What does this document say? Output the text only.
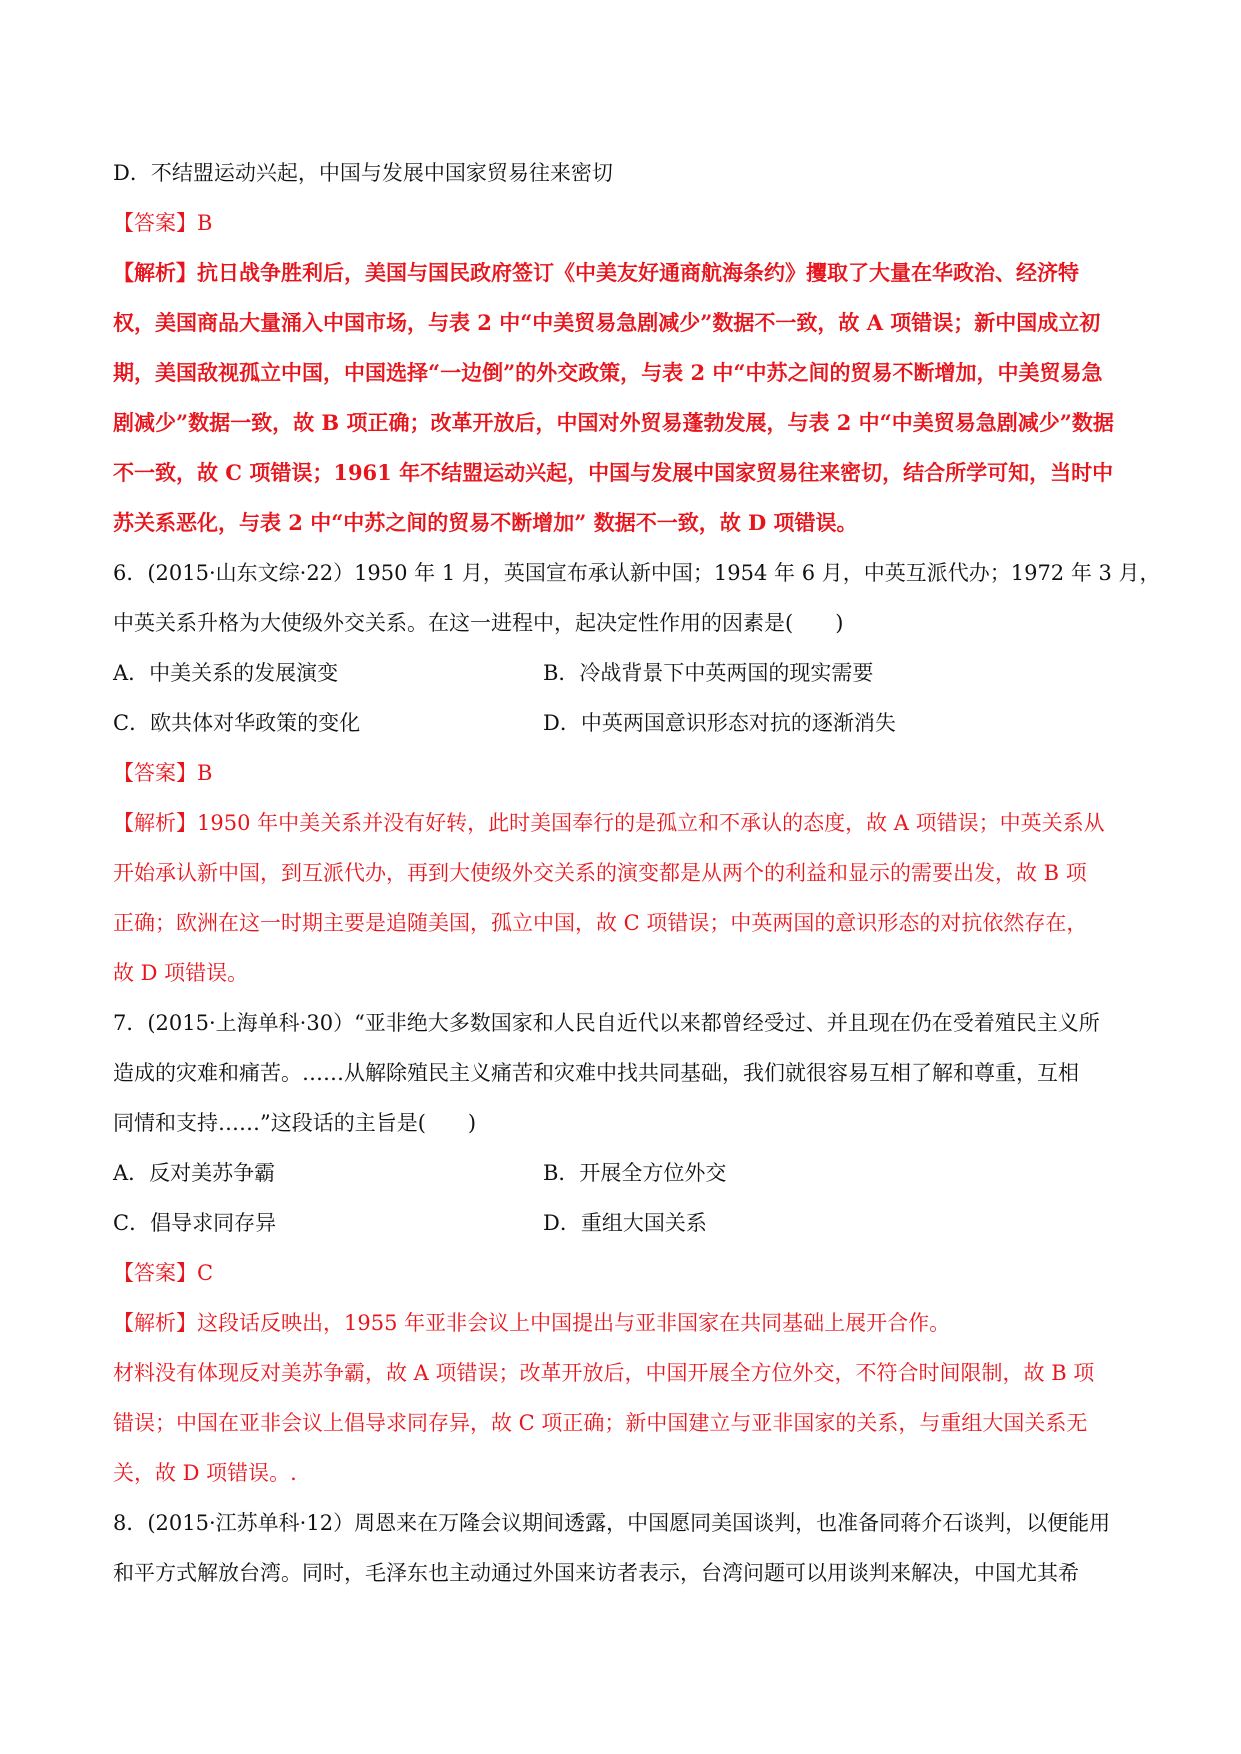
D．不结盟运动兴起，中国与发展中国家贸易往来密切
【答案】B
【解析】抗日战争胜利后，美国与国民政府签订《中美友好通商航海条约》攫取了大量在华政治、经济特
权，美国商品大量涌入中国市场，与表 2 中“中美贸易急剧减少”数据不一致，故 A 项错误；新中国成立初
期，美国敌视孤立中国，中国选择“一边倒”的外交政策，与表 2 中“中苏之间的贸易不断增加，中美贸易急
剧减少”数据一致，故 B 项正确；改革开放后，中国对外贸易蓬勃发展，与表 2 中“中美贸易急剧减少”数据
不一致，故 C 项错误；1961 年不结盟运动兴起，中国与发展中国家贸易往来密切，结合所学可知，当时中
苏关系恶化，与表 2 中“中苏之间的贸易不断增加” 数据不一致，故 D 项错误。
6．(2015·山东文综·22）1950 年 1 月，英国宣布承认新中国；1954 年 6 月，中英互派代办；1972 年 3 月，
中英关系升格为大使级外交关系。在这一进程中，起决定性作用的因素是(　　)
A．中美关系的发展演变	B．冷战背景下中英两国的现实需要
C．欧共体对华政策的变化	D．中英两国意识形态对抗的逐渐消失
【答案】B
【解析】1950 年中美关系并没有好转，此时美国奉行的是孤立和不承认的态度，故 A 项错误；中英关系从
开始承认新中国，到互派代办，再到大使级外交关系的演变都是从两个的利益和显示的需要出发，故 B 项
正确；欧洲在这一时期主要是追随美国，孤立中国，故 C 项错误；中英两国的意识形态的对抗依然存在，
故 D 项错误。
7．(2015·上海单科·30）“亚非绝大多数国家和人民自近代以来都曾经受过、并且现在仍在受着殖民主义所
造成的灾难和痛苦。……从解除殖民主义痛苦和灾难中找共同基础，我们就很容易互相了解和尊重，互相
同情和支持……”这段话的主旨是(　　)
A．反对美苏争霸	B．开展全方位外交
C．倡导求同存异	D．重组大国关系
【答案】C
【解析】这段话反映出，1955 年亚非会议上中国提出与亚非国家在共同基础上展开合作。
材料没有体现反对美苏争霸，故 A 项错误；改革开放后，中国开展全方位外交，不符合时间限制，故 B 项
错误；中国在亚非会议上倡导求同存异，故 C 项正确；新中国建立与亚非国家的关系，与重组大国关系无
关，故 D 项错误。.
8．(2015·江苏单科·12）周恩来在万隆会议期间透露，中国愿同美国谈判，也准备同蒋介石谈判，以便能用
和平方式解放台湾。同时，毛泽东也主动通过外国来访者表示，台湾问题可以用谈判来解决，中国尤其希
